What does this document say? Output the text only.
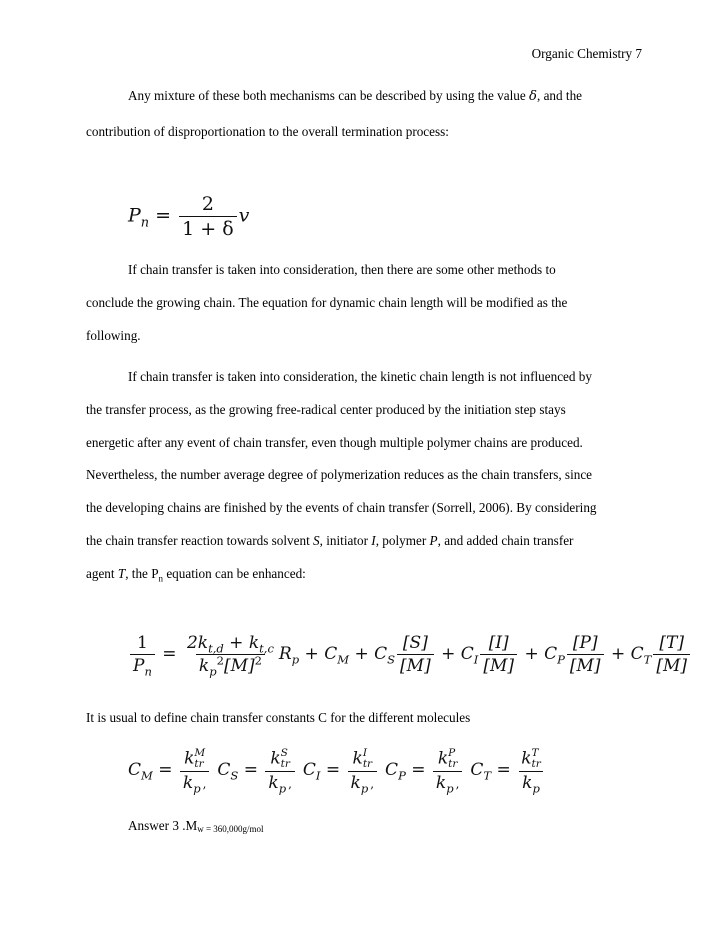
Organic Chemistry 7
Any mixture of these both mechanisms can be described by using the value δ, and the
contribution of disproportionation to the overall termination process:
$P_n = \frac{2}{1 + \delta}$ v
If chain transfer is taken into consideration, then there are some other methods to
conclude the growing chain. The equation for dynamic chain length will be modified as the
following.
If chain transfer is taken into consideration, the kinetic chain length is not influenced by
the transfer process, as the growing free-radical center produced by the initiation step stays
energetic after any event of chain transfer, even though multiple polymer chains are produced.
Nevertheless, the number average degree of polymerization reduces as the chain transfers, since
the developing chains are finished by the events of chain transfer (Sorrell, 2006). By considering
the chain transfer reaction towards solvent S, initiator I, polymer P, and added chain transfer
agent T, the $P_n$ equation can be enhanced:
$\frac{1}{P_n} = \frac{2k_{t,d} + k_{t,c}}{k_p^2[M]^2} R_p + C_M + C_S \frac{[S]}{[M]} + C_I \frac{[I]}{[M]} + C_P \frac{[P]}{[M]} + C_T \frac{[T]}{[M]}$
It is usual to define chain transfer constants C for the different molecules
$C_M = k$ M
tr
$k_p$ , $C_S = k$ S
tr
$k_p$ , $C_I = k$ I
tr
$k_p$ , $C_P = k$ P
tr
$k_p$ , $C_T = k$ T
tr
$k_p$
Answer 3 .Mw = 360,000g/mol
